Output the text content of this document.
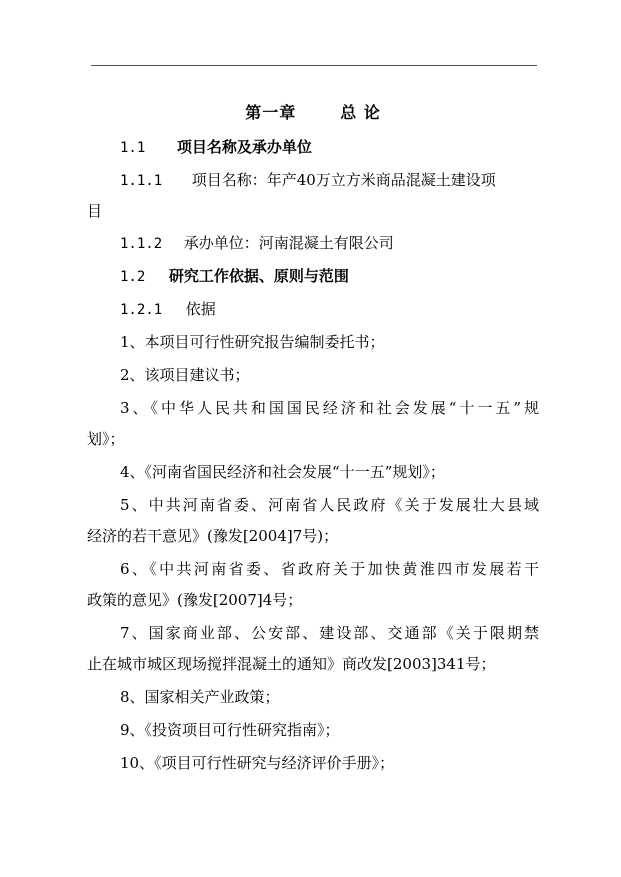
第一章	总 论
1.1 项目名称及承办单位
1.1.1 项目名称：年产40万立方米商品混凝土建设项
目
1.1.2 承办单位：河南混凝土有限公司
1.2 研究工作依据、原则与范围
1.2.1 依据
1、本项目可行性研究报告编制委托书；
2、该项目建议书；
3、《中华人民共和国国民经济和社会发展“十一五”规
划》；
4、《河南省国民经济和社会发展“十一五”规划》；
5、中共河南省委、河南省人民政府《关于发展壮大县域
经济的若干意见》(豫发[2004]7号)；
6、《中共河南省委、省政府关于加快黄淮四市发展若干
政策的意见》(豫发[2007]4号；
7、国家商业部、公安部、建设部、交通部《关于限期禁
止在城市城区现场搅拌混凝土的通知》商改发[2003]341号；
8、国家相关产业政策；
9、《投资项目可行性研究指南》；
10、《项目可行性研究与经济评价手册》；
